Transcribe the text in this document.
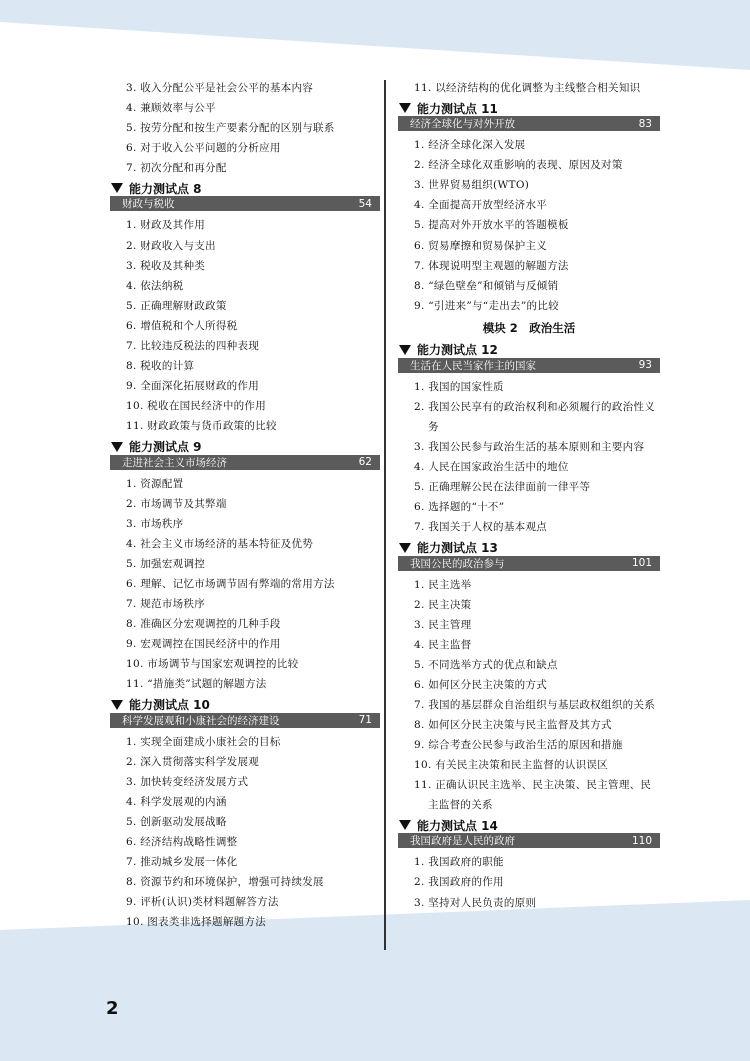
3. 收入分配公平是社会公平的基本内容
4. 兼顾效率与公平
5. 按劳分配和按生产要素分配的区别与联系
6. 对于收入公平问题的分析应用
7. 初次分配和再分配
能力测试点 8
财政与税收	54
1. 财政及其作用
2. 财政收入与支出
3. 税收及其种类
4. 依法纳税
5. 正确理解财政政策
6. 增值税和个人所得税
7. 比较违反税法的四种表现
8. 税收的计算
9. 全面深化拓展财政的作用
10. 税收在国民经济中的作用
11. 财政政策与货币政策的比较
能力测试点 9
走进社会主义市场经济	62
1. 资源配置
2. 市场调节及其弊端
3. 市场秩序
4. 社会主义市场经济的基本特征及优势
5. 加强宏观调控
6. 理解、记忆市场调节固有弊端的常用方法
7. 规范市场秩序
8. 准确区分宏观调控的几种手段
9. 宏观调控在国民经济中的作用
10. 市场调节与国家宏观调控的比较
11. “措施类”试题的解题方法
能力测试点 10
科学发展观和小康社会的经济建设	71
1. 实现全面建成小康社会的目标
2. 深入贯彻落实科学发展观
3. 加快转变经济发展方式
4. 科学发展观的内涵
5. 创新驱动发展战略
6. 经济结构战略性调整
7. 推动城乡发展一体化
8. 资源节约和环境保护，增强可持续发展
9. 评析(认识)类材料题解答方法
10. 图表类非选择题解题方法
11. 以经济结构的优化调整为主线整合相关知识
能力测试点 11
经济全球化与对外开放	83
1. 经济全球化深入发展
2. 经济全球化双重影响的表现、原因及对策
3. 世界贸易组织(WTO)
4. 全面提高开放型经济水平
5. 提高对外开放水平的答题模板
6. 贸易摩擦和贸易保护主义
7. 体现说明型主观题的解题方法
8. “绿色壁垒”和倾销与反倾销
9. “引进来”与“走出去”的比较
模块 2　政治生活
能力测试点 12
生活在人民当家作主的国家	93
1. 我国的国家性质
2. 我国公民享有的政治权利和必须履行的政治性义务
3. 我国公民参与政治生活的基本原则和主要内容
4. 人民在国家政治生活中的地位
5. 正确理解公民在法律面前一律平等
6. 选择题的“十不”
7. 我国关于人权的基本观点
能力测试点 13
我国公民的政治参与	101
1. 民主选举
2. 民主决策
3. 民主管理
4. 民主监督
5. 不同选举方式的优点和缺点
6. 如何区分民主决策的方式
7. 我国的基层群众自治组织与基层政权组织的关系
8. 如何区分民主决策与民主监督及其方式
9. 综合考查公民参与政治生活的原因和措施
10. 有关民主决策和民主监督的认识误区
11. 正确认识民主选举、民主决策、民主管理、民主监督的关系
能力测试点 14
我国政府是人民的政府	110
1. 我国政府的职能
2. 我国政府的作用
3. 坚持对人民负责的原则
2
